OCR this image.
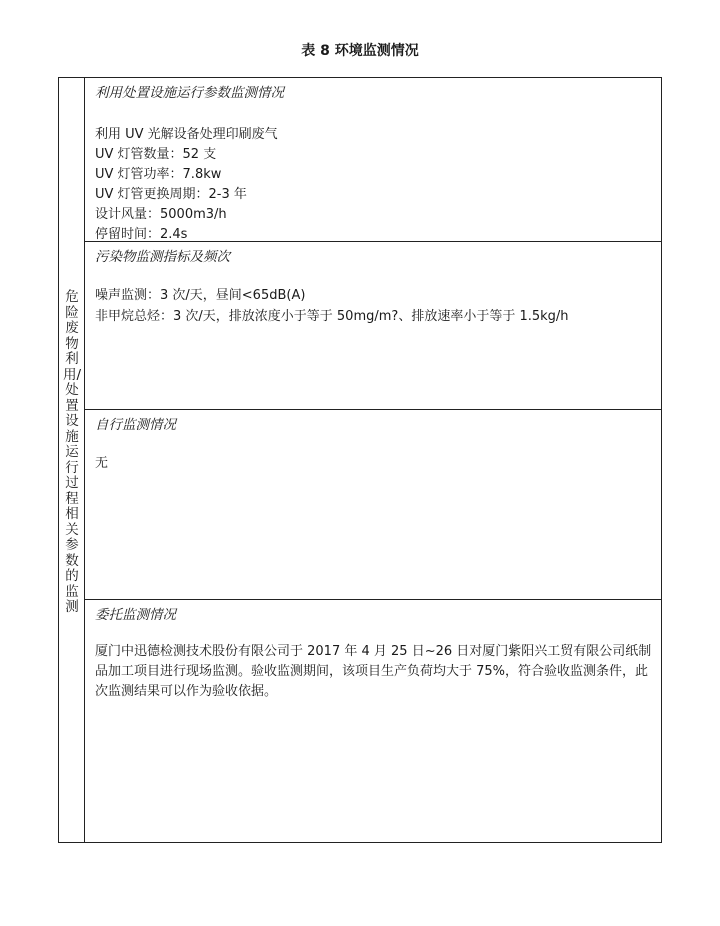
表 8 环境监测情况
危险废物利用/处置设施运行过程相关参数的监测
利用处置设施运行参数监测情况
利用 UV 光解设备处理印刷废气
UV 灯管数量：52 支
UV 灯管功率：7.8kw
UV 灯管更换周期：2-3 年
设计风量：5000m3/h
停留时间：2.4s
污染物监测指标及频次
噪声监测：3 次/天，昼间<65dB(A)
非甲烷总烃：3 次/天，排放浓度小于等于 50mg/m?、排放速率小于等于 1.5kg/h
自行监测情况
无
委托监测情况
厦门中迅德检测技术股份有限公司于 2017 年 4 月 25 日~26 日对厦门紫阳兴工贸有限公司纸制品加工项目进行现场监测。验收监测期间，该项目生产负荷均大于 75%，符合验收监测条件，此次监测结果可以作为验收依据。
